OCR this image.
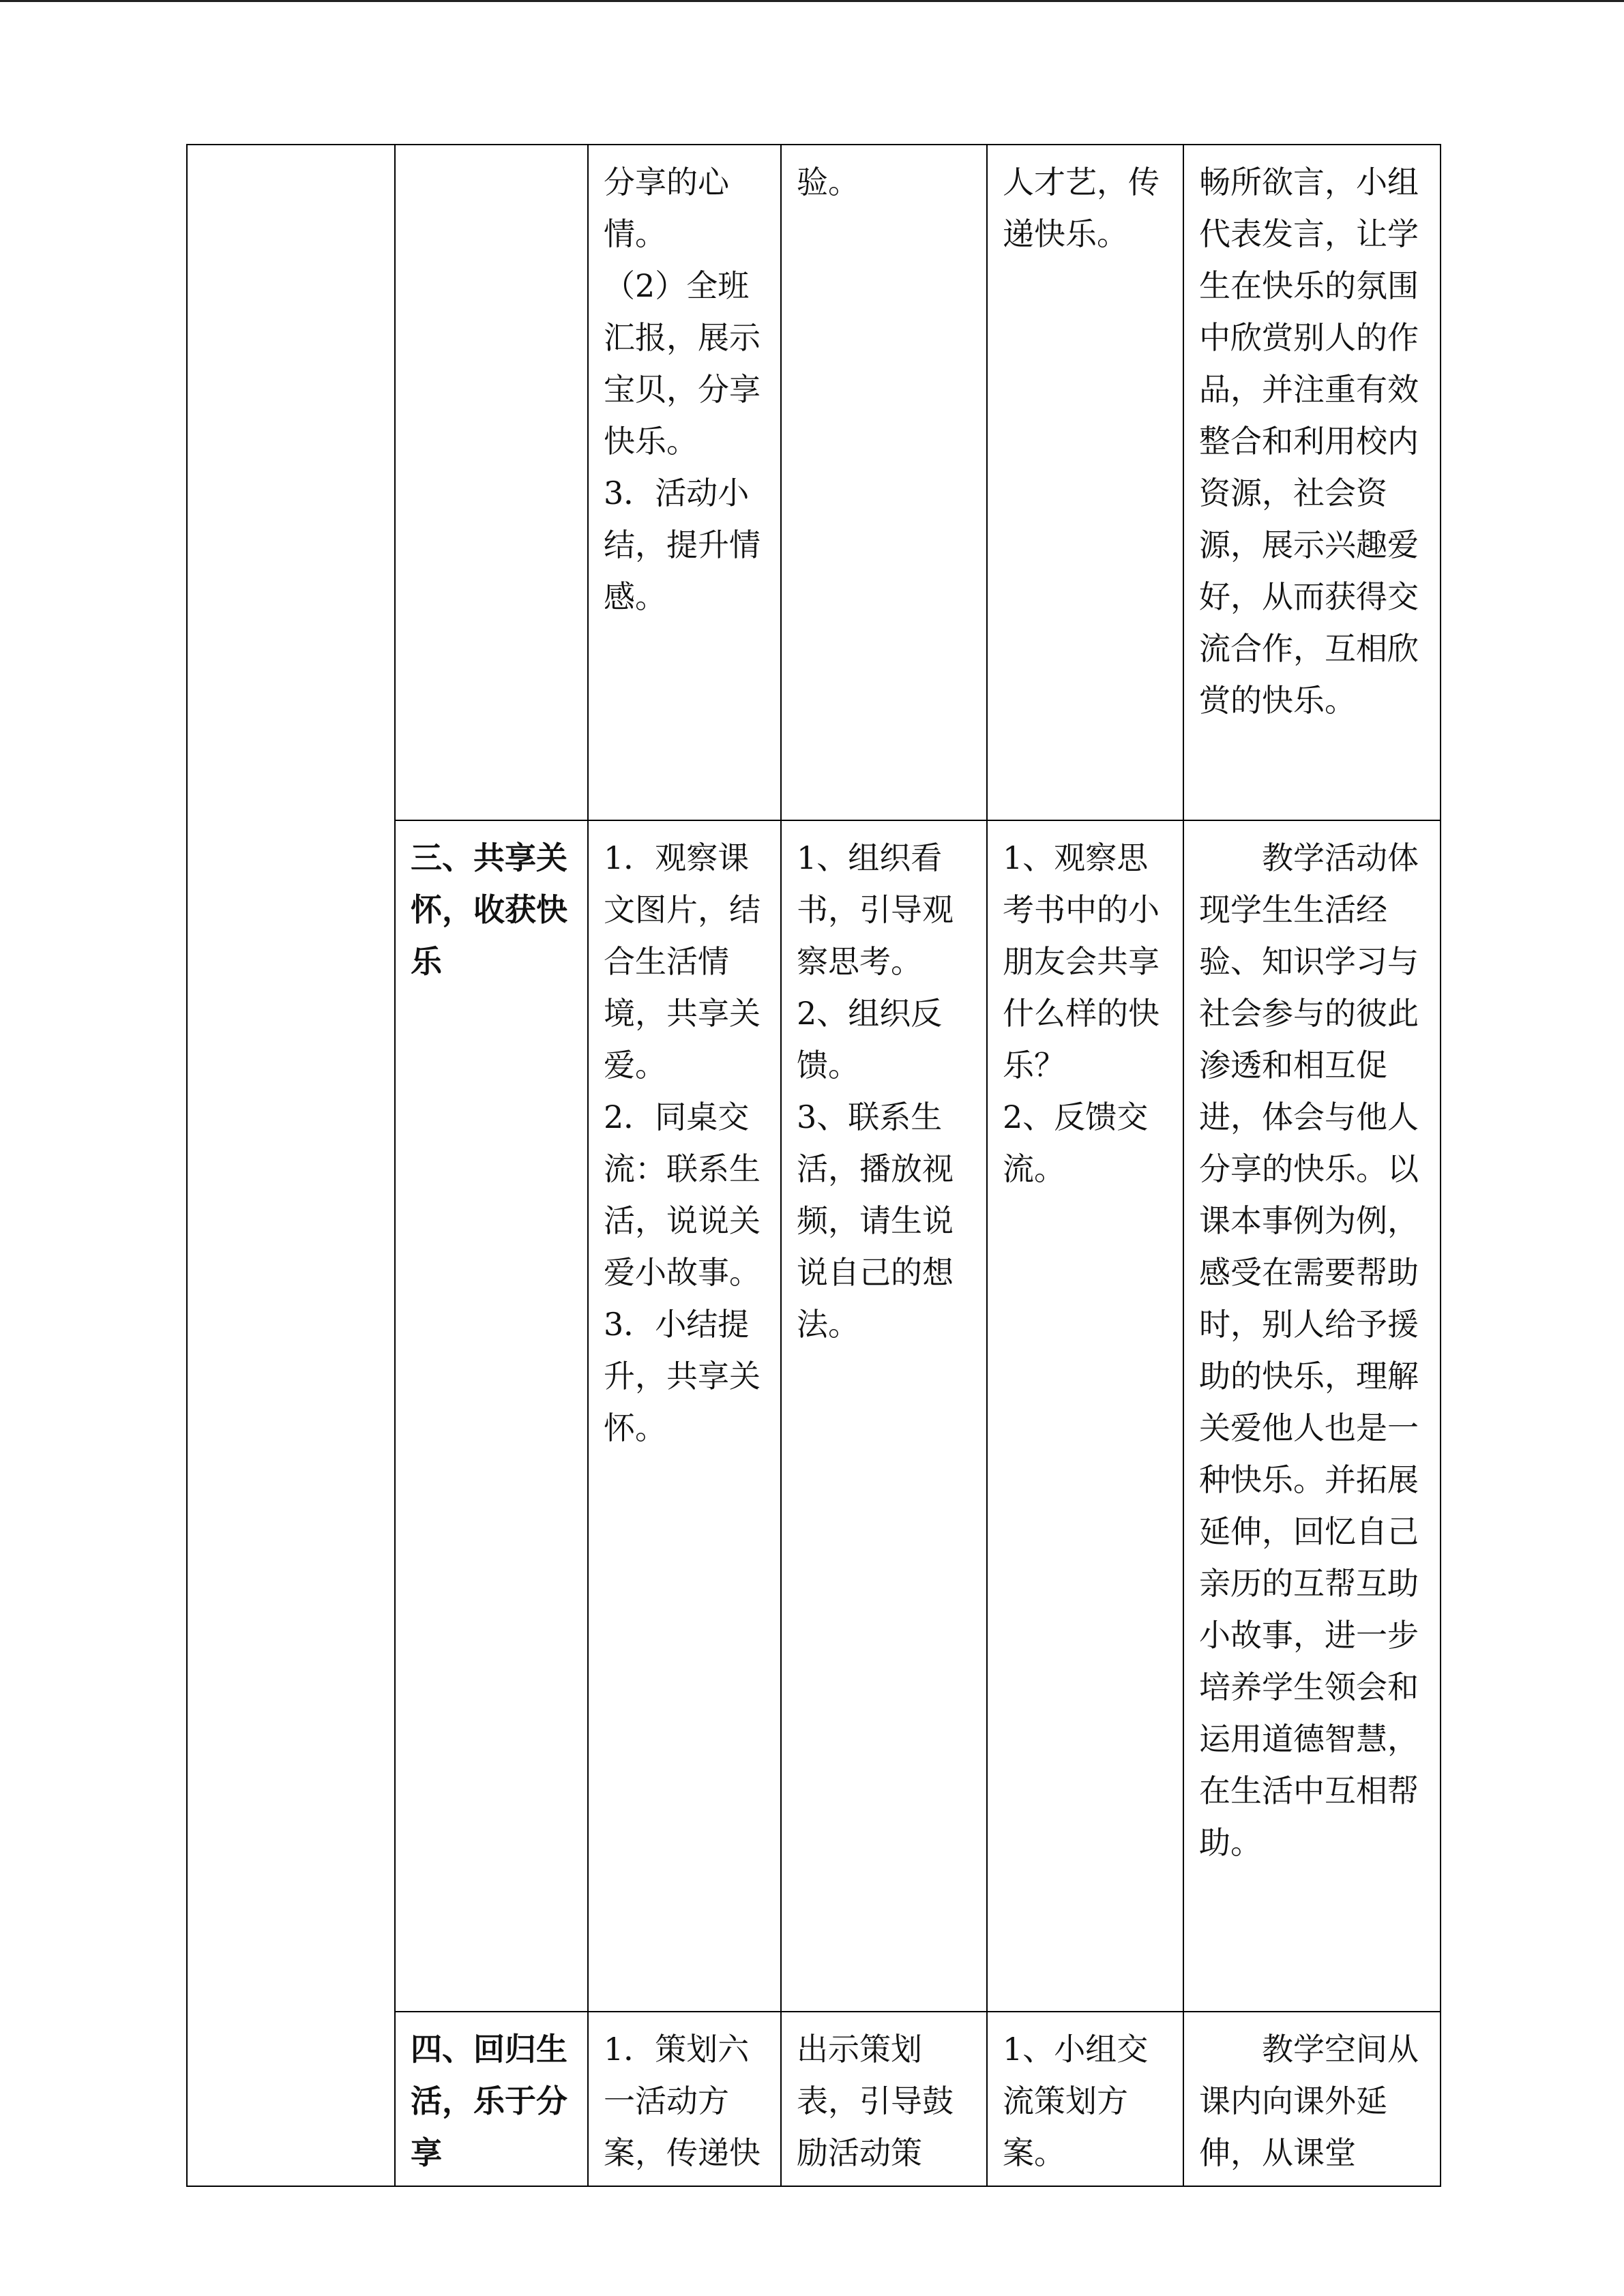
		分享的心情。
（2）全班汇报，展示宝贝，分享快乐。
3．活动小结，提升情感。	验。	人才艺，传递快乐。	畅所欲言，小组代表发言，让学生在快乐的氛围中欣赏别人的作品，并注重有效整合和利用校内资源，社会资源，展示兴趣爱好，从而获得交流合作，互相欣赏的快乐。

	三、共享关怀，收获快乐	1．观察课文图片，结合生活情境，共享关爱。
2．同桌交流：联系生活，说说关爱小故事。
3．小结提升，共享关怀。	1、组织看书，引导观察思考。
2、组织反馈。
3、联系生活，播放视频，请生说说自己的想法。	1、观察思考书中的小朋友会共享什么样的快乐？
2、反馈交流。	教学活动体现学生生活经验、知识学习与社会参与的彼此渗透和相互促进，体会与他人分享的快乐。以课本事例为例，感受在需要帮助时，别人给予援助的快乐，理解关爱他人也是一种快乐。并拓展延伸，回忆自己亲历的互帮互助小故事，进一步培养学生领会和运用道德智慧，在生活中互相帮助。

	四、回归生活，乐于分享	1．策划六一活动方案，传递快	出示策划表，引导鼓励活动策	1、小组交流策划方案。	教学空间从课内向课外延伸，从课堂
